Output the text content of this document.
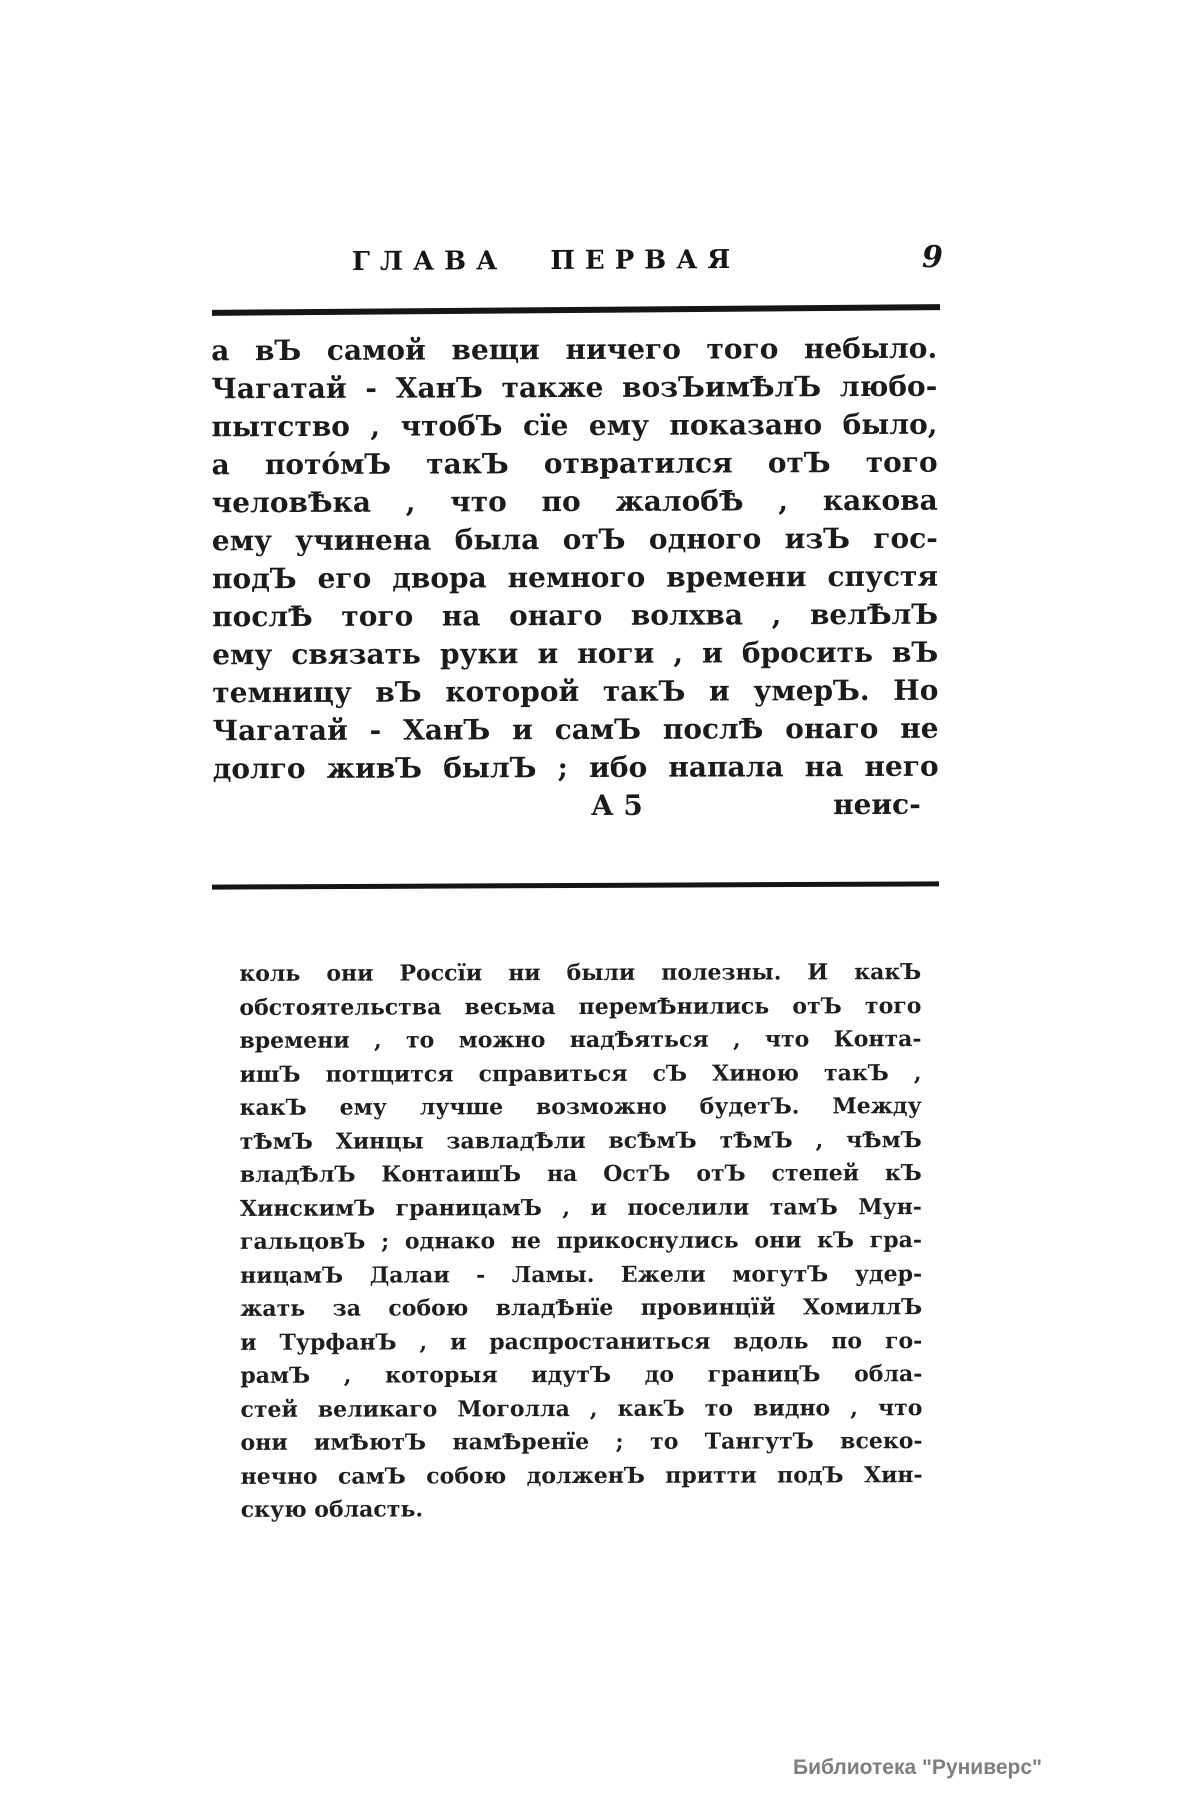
ГЛАВА ПЕРВАЯ	9
а вЪ самой вещи ничего того небыло.
Чагатай - ХанЪ также возЪимѢлЪ любо-
пытство , чтобЪ сїе ему показано было,
а пото́мЪ такЪ отвратился отЪ того
человѢка , что по жалобѢ , какова
ему учинена была отЪ одного изЪ гос-
подЪ его двора немного времени спустя
послѢ того на онаго волхва , велѢлЪ
ему связать руки и ноги , и бросить вЪ
темницу вЪ которой такЪ и умерЪ. Но
Чагатай - ХанЪ и самЪ послѢ онаго не
долго живЪ былЪ ; ибо напала на него
А 5	неис-
коль они Россїи ни были полезны. И какЪ
обстоятельства весьма перемѢнились отЪ того
времени , то можно надѢяться , что Конта-
ишЪ потщится справиться сЪ Хиною такЪ ,
какЪ ему лучше возможно будетЪ. Между
тѢмЪ Хинцы завладѢли всѢмЪ тѢмЪ , чѢмЪ
владѢлЪ КонтаишЪ на ОстЪ отЪ степей кЪ
ХинскимЪ границамЪ , и поселили тамЪ Мун-
гальцовЪ ; однако не прикоснулись они кЪ гра-
ницамЪ Далаи - Ламы. Ежели могутЪ удер-
жать за собою владѢнїе провинцїй ХомиллЪ
и ТурфанЪ , и распростаниться вдоль по го-
рамЪ , которыя идутЪ до границЪ обла-
стей великаго Моголла , какЪ то видно , что
они имѢютЪ намѢренїе ; то ТангутЪ всеко-
нечно самЪ собою долженЪ притти подЪ Хин-
скую область.
Библиотека "Руниверс"
